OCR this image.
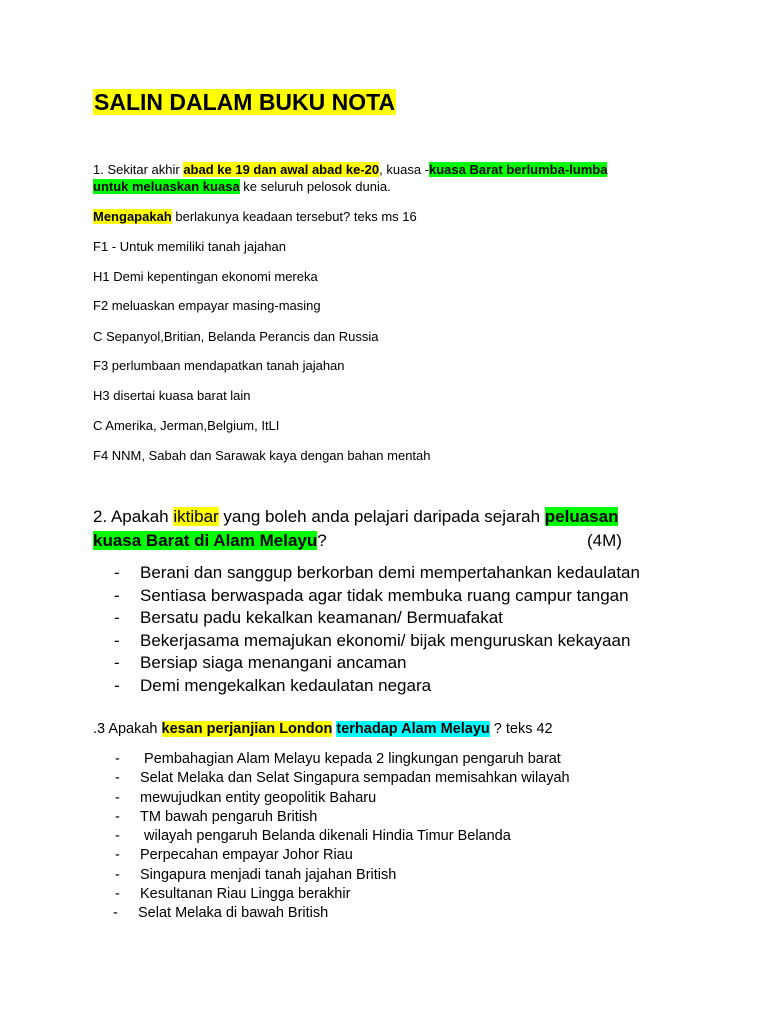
SALIN DALAM BUKU NOTA
1. Sekitar akhir abad ke 19 dan awal abad ke-20, kuasa -kuasa Barat berlumba-lumba
untuk meluaskan kuasa ke seluruh pelosok dunia.
Mengapakah berlakunya keadaan tersebut? teks ms 16
F1 - Untuk memiliki tanah jajahan
H1 Demi kepentingan ekonomi mereka
F2 meluaskan empayar masing-masing
C Sepanyol,Britian, Belanda Perancis dan Russia
F3 perlumbaan mendapatkan tanah jajahan
H3 disertai kuasa barat lain
C Amerika, Jerman,Belgium, ItLI
F4 NNM, Sabah dan Sarawak kaya dengan bahan mentah
2. Apakah iktibar yang boleh anda pelajari daripada sejarah peluasan
kuasa Barat di Alam Melayu?	(4M)
- Berani dan sanggup berkorban demi mempertahankan kedaulatan
- Sentiasa berwaspada agar tidak membuka ruang campur tangan
- Bersatu padu kekalkan keamanan/ Bermuafakat
- Bekerjasama memajukan ekonomi/ bijak menguruskan kekayaan
- Bersiap siaga menangani ancaman
- Demi mengekalkan kedaulatan negara
.3 Apakah kesan perjanjian London terhadap Alam Melayu ? teks 42
- Pembahagian Alam Melayu kepada 2 lingkungan pengaruh barat
- Selat Melaka dan Selat Singapura sempadan memisahkan wilayah
- mewujudkan entity geopolitik Baharu
- TM bawah pengaruh British
- wilayah pengaruh Belanda dikenali Hindia Timur Belanda
- Perpecahan empayar Johor Riau
- Singapura menjadi tanah jajahan British
- Kesultanan Riau Lingga berakhir
- Selat Melaka di bawah British
